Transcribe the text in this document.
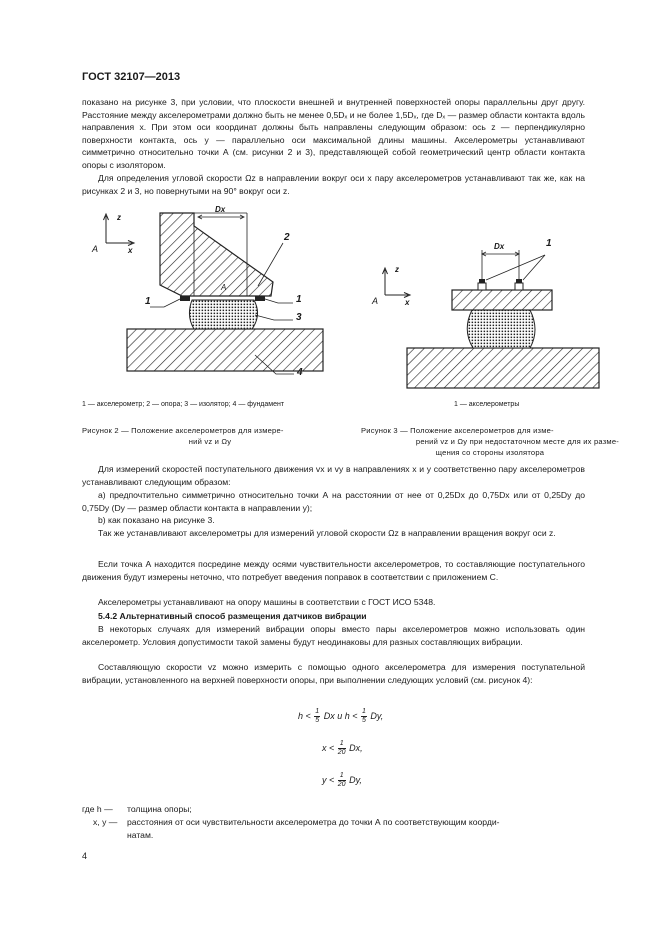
ГОСТ 32107—2013
показано на рисунке 3, при условии, что плоскости внешней и внутренней поверхностей опоры параллельны друг другу. Расстояние между акселерометрами должно быть не менее 0,5Dₓ и не более 1,5Dₓ, где Dₓ — размер области контакта вдоль направления x. При этом оси координат должны быть направлены следующим образом: ось z — перпендикулярно поверхности контакта, ось y — параллельно оси максимальной длины машины. Акселерометры устанавливают симметрично относительно точки А (см. рисунки 2 и 3), представляющей собой геометрический центр области контакта опоры с изолятором.
Для определения угловой скорости Ωz в направлении вокруг оси x пару акселерометров устанавливают так же, как на рисунках 2 и 3, но повернутыми на 90° вокруг оси z.
z
x
A
Dx
A
1	1
2
3
4
1 — акселерометр; 2 — опора; 3 — изолятор; 4 — фундамент
Рисунок 2 — Положение акселерометров для измере-
ний vz и Ωy
z
x
A
Dx	1
1 — акселерометры
Рисунок 3 — Положение акселерометров для изме-
рений vz и Ωy при недостаточном месте для их разме-
щения со стороны изолятора
Для измерений скоростей поступательного движения vx и vy в направлениях x и y соответственно пару акселерометров устанавливают следующим образом:
а) предпочтительно симметрично относительно точки А на расстоянии от нее от 0,25Dx до 0,75Dx или от 0,25Dy до 0,75Dy (Dy — размер области контакта в направлении y);
b) как показано на рисунке 3.
Так же устанавливают акселерометры для измерений угловой скорости Ωz в направлении вращения вокруг оси z.
Если точка А находится посредине между осями чувствительности акселерометров, то составляющие поступательного движения будут измерены неточно, что потребует введения поправок в соответствии с приложением С.
Акселерометры устанавливают на опору машины в соответствии с ГОСТ ИСО 5348.
5.4.2 Альтернативный способ размещения датчиков вибрации
В некоторых случаях для измерений вибрации опоры вместо пары акселерометров можно использовать один акселерометр. Условия допустимости такой замены будут неодинаковы для разных составляющих вибрации.
Составляющую скорости vz можно измерить с помощью одного акселерометра для измерения поступательной вибрации, установленного на верхней поверхности опоры, при выполнении следующих условий (см. рисунок 4):
$h < \frac{1}{5}$ Dx и $h < \frac{1}{5} Dy$,
$x < \frac{1}{20} Dx$,
$y < \frac{1}{20} Dy$,
где h — толщина опоры;
x, y — расстояния от оси чувствительности акселерометра до точки А по соответствующим коорди-
натам.
4
